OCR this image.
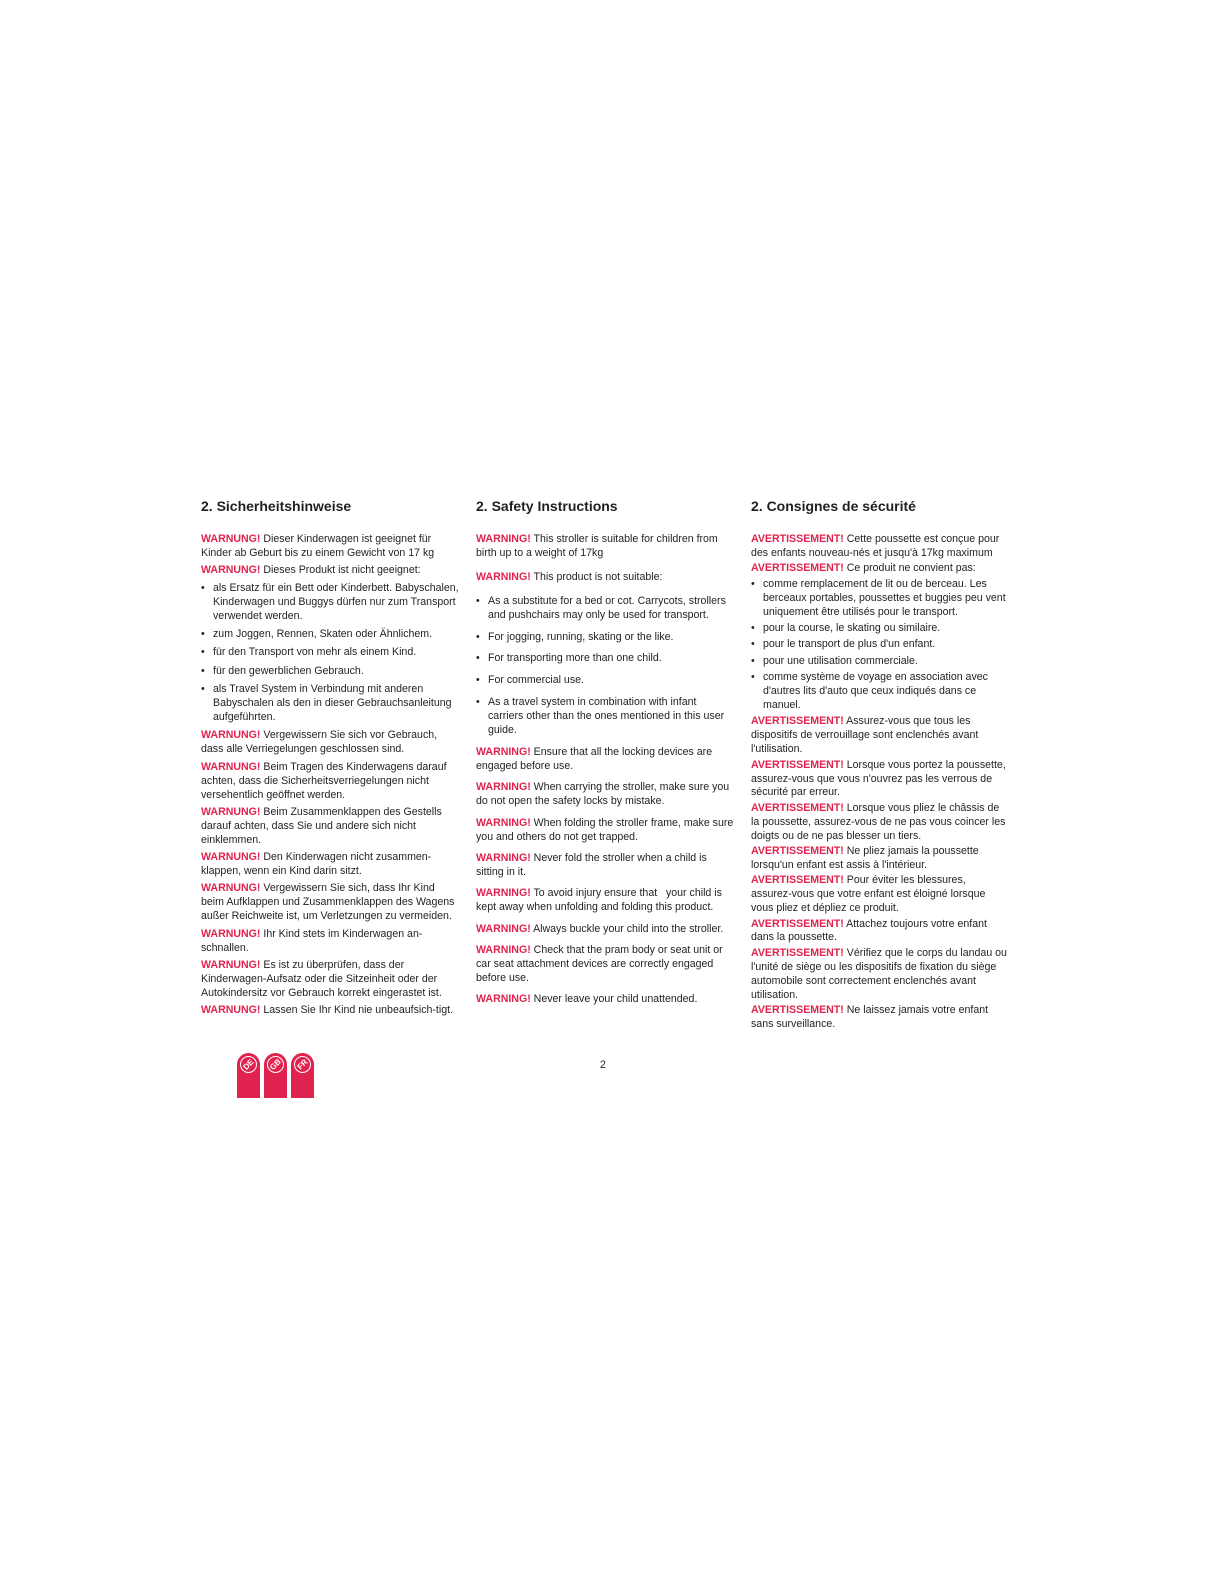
2. Sicherheitshinweise

WARNUNG! Dieser Kinderwagen ist geeignet für Kinder ab Geburt bis zu einem Gewicht von 17 kg

WARNUNG! Dieses Produkt ist nicht geeignet:

• als Ersatz für ein Bett oder Kinderbett. Babyschalen, Kinderwagen und Buggys dürfen nur zum Transport verwendet werden.
• zum Joggen, Rennen, Skaten oder Ähnlichem.
• für den Transport von mehr als einem Kind.
• für den gewerblichen Gebrauch.
• als Travel System in Verbindung mit anderen Babyschalen als den in dieser Gebrauchsanleitung aufgeführten.

WARNUNG! Vergewissern Sie sich vor Gebrauch, dass alle Verriegelungen geschlossen sind.

WARNUNG! Beim Tragen des Kinderwagens darauf achten, dass die Sicherheitsverriegelungen nicht versehentlich geöffnet werden.

WARNUNG! Beim Zusammenklappen des Gestells darauf achten, dass Sie und andere sich nicht einklemmen.

WARNUNG! Den Kinderwagen nicht zusammen-klappen, wenn ein Kind darin sitzt.

WARNUNG! Vergewissern Sie sich, dass Ihr Kind beim Aufklappen und Zusammenklappen des Wagens außer Reichweite ist, um Verletzungen zu vermeiden.

WARNUNG! Ihr Kind stets im Kinderwagen an-schnallen.

WARNUNG! Es ist zu überprüfen, dass der Kinderwagen-Aufsatz oder die Sitzeinheit oder der Autokindersitz vor Gebrauch korrekt eingerastet ist.

WARNUNG! Lassen Sie Ihr Kind nie unbeaufsich-tigt.

2. Safety Instructions

WARNING! This stroller is suitable for children from birth up to a weight of 17kg

WARNING! This product is not suitable:

• As a substitute for a bed or cot. Carrycots, strollers and pushchairs may only be used for transport.
• For jogging, running, skating or the like.
• For transporting more than one child.
• For commercial use.
• As a travel system in combination with infant carriers other than the ones mentioned in this user guide.

WARNING! Ensure that all the locking devices are engaged before use.

WARNING! When carrying the stroller, make sure you do not open the safety locks by mistake.

WARNING! When folding the stroller frame, make sure you and others do not get trapped.

WARNING! Never fold the stroller when a child is sitting in it.

WARNING! To avoid injury ensure that   your child is kept away when unfolding and folding this product.

WARNING! Always buckle your child into the stroller.

WARNING! Check that the pram body or seat unit or car seat attachment devices are correctly engaged before use.

WARNING! Never leave your child unattended.

2. Consignes de sécurité

AVERTISSEMENT! Cette poussette est conçue pour des enfants nouveau-nés et jusqu'à 17kg maximum

AVERTISSEMENT! Ce produit ne convient pas:

• comme remplacement de lit ou de berceau. Les berceaux portables, poussettes et buggies peu vent uniquement être utilisés pour le transport.
• pour la course, le skating ou similaire.
• pour le transport de plus d'un enfant.
• pour une utilisation commerciale.
• comme système de voyage en association avec d'autres lits d'auto que ceux indiqués dans ce manuel.

AVERTISSEMENT! Assurez-vous que tous les dispositifs de verrouillage sont enclenchés avant l'utilisation.

AVERTISSEMENT! Lorsque vous portez la poussette, assurez-vous que vous n'ouvrez pas les verrous de sécurité par erreur.

AVERTISSEMENT! Lorsque vous pliez le châssis de la poussette, assurez-vous de ne pas vous coincer les doigts ou de ne pas blesser un tiers.

AVERTISSEMENT! Ne pliez jamais la poussette lorsqu'un enfant est assis à l'intérieur.

AVERTISSEMENT! Pour éviter les blessures, assurez-vous que votre enfant est éloigné lorsque vous pliez et dépliez ce produit.

AVERTISSEMENT! Attachez toujours votre enfant dans la poussette.

AVERTISSEMENT! Vérifiez que le corps du landau ou l'unité de siège ou les dispositifs de fixation du siège automobile sont correctement enclenchés avant utilisation.

AVERTISSEMENT! Ne laissez jamais votre enfant sans surveillance.

2
DE	GB	FR
